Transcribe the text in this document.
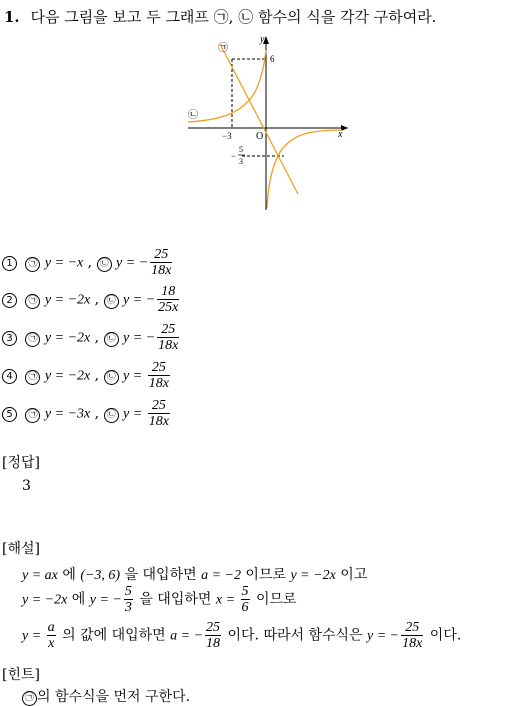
1. 다음 그림을 보고 두 그래프 ㉠, ㉡ 함수의 식을 각각 구하여라.
㉠
㉡
y
x
6
−3 O
−
5
3
1 ㉠ y = −x , ㉡ y = − $\frac{25}{18x}$
2 ㉠ y = −2x , ㉡ y = − $\frac{18}{25x}$
3 ㉠ y = −2x , ㉡ y = − $\frac{25}{18x}$
4 ㉠ y = −2x , ㉡ $y = \frac{25}{18x}$
5 ㉠ y = −3x , ㉡ $y = \frac{25}{18x}$
[정답]
3
[해설]
y = ax 에 (−3, 6) 을 대입하면 a = −2 이므로 y = −2x 이고
y = −2x 에 y = − $\frac{5}{3}$ 을 대입하면 $x = \frac{5}{6}$ 이므로
$y = \frac{a}{x}$ 의 값에 대입하면 a = − $\frac{25}{18}$ 이다. 따라서 함수식은 y = − $\frac{25}{18x}$ 이다.
[힌트]
㉠ 의 함수식을 먼저 구한다.
